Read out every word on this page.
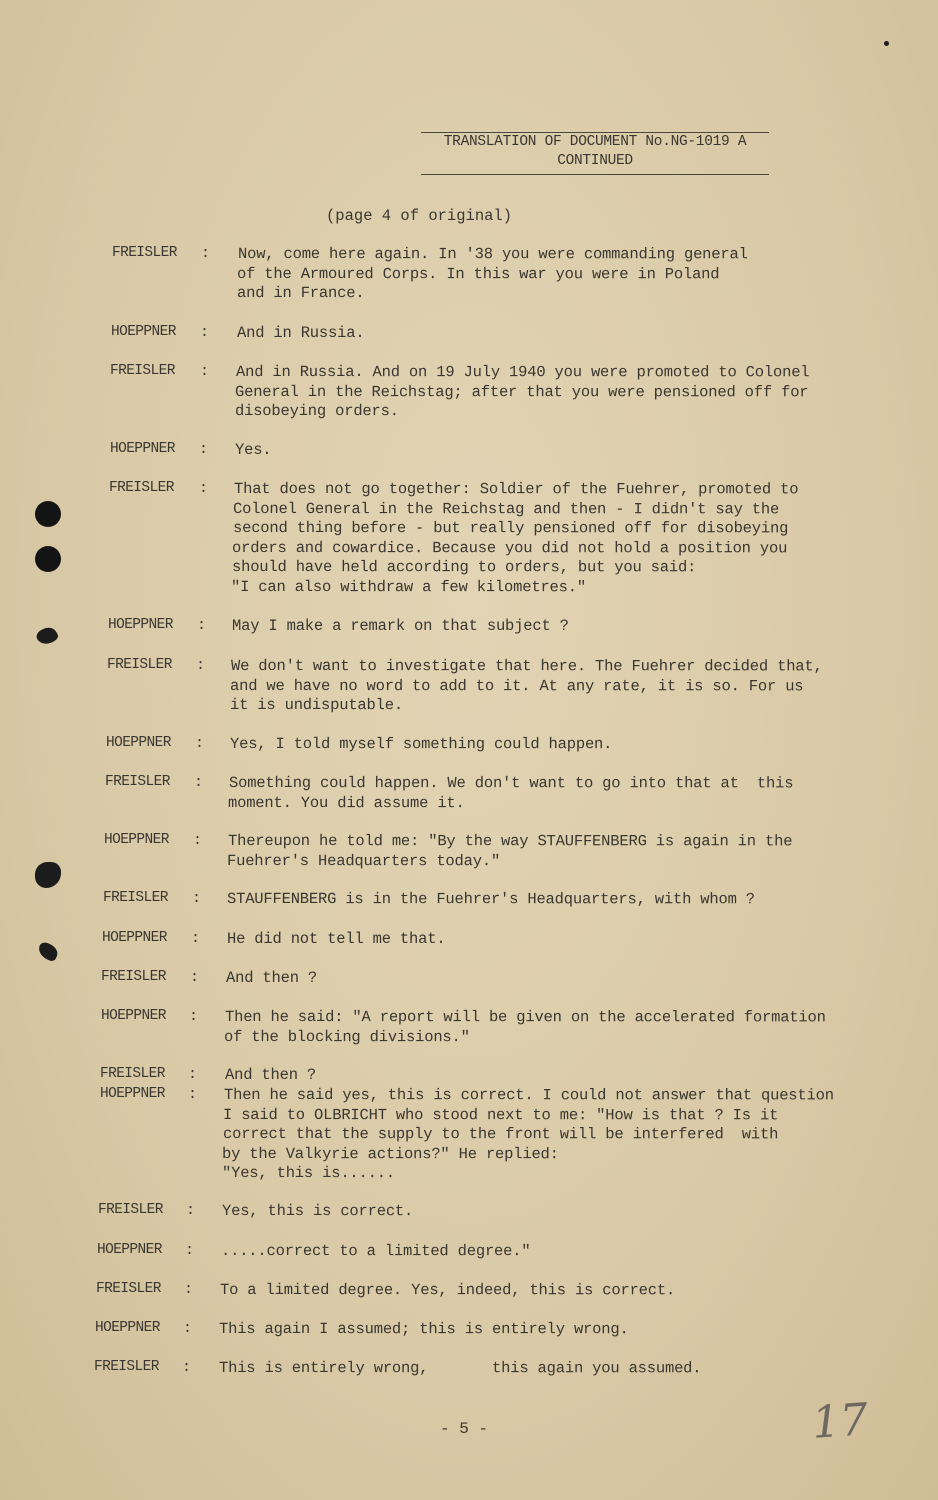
TRANSLATION OF DOCUMENT No.NG-1019 A
CONTINUED
(page 4 of original)
FREISLER	: Now, come here again. In '38 you were commanding general
of the Armoured Corps. In this war you were in Poland
and in France.
HOEPPNER	: And in Russia.
FREISLER	: And in Russia. And on 19 July 1940 you were promoted to Colonel
General in the Reichstag; after that you were pensioned off for
disobeying orders.
HOEPPNER	: Yes.
FREISLER	: That does not go together: Soldier of the Fuehrer, promoted to
Colonel General in the Reichstag and then - I didn't say the
second thing before - but really pensioned off for disobeying
orders and cowardice. Because you did not hold a position you
should have held according to orders, but you said:
"I can also withdraw a few kilometres."
HOEPPNER	: May I make a remark on that subject ?
FREISLER	: We don't want to investigate that here. The Fuehrer decided that,
and we have no word to add to it. At any rate, it is so. For us
it is undisputable.
HOEPPNER	: Yes, I told myself something could happen.
FREISLER	: Something could happen. We don't want to go into that at  this
moment. You did assume it.
HOEPPNER	: Thereupon he told me: "By the way STAUFFENBERG is again in the
Fuehrer's Headquarters today."
FREISLER	: STAUFFENBERG is in the Fuehrer's Headquarters, with whom ?
HOEPPNER	: He did not tell me that.
FREISLER	: And then ?
HOEPPNER	: Then he said: "A report will be given on the accelerated formation
of the blocking divisions."
FREISLER	: And then ?
HOEPPNER	: Then he said yes, this is correct. I could not answer that question
I said to OLBRICHT who stood next to me: "How is that ? Is it
correct that the supply to the front will be interfered  with
by the Valkyrie actions?" He replied:
"Yes, this is......
FREISLER	: Yes, this is correct.
HOEPPNER	: .....correct to a limited degree."
FREISLER	: To a limited degree. Yes, indeed, this is correct.
HOEPPNER	: This again I assumed; this is entirely wrong.
FREISLER	: This is entirely wrong,       this again you assumed.
- 5 -	17
